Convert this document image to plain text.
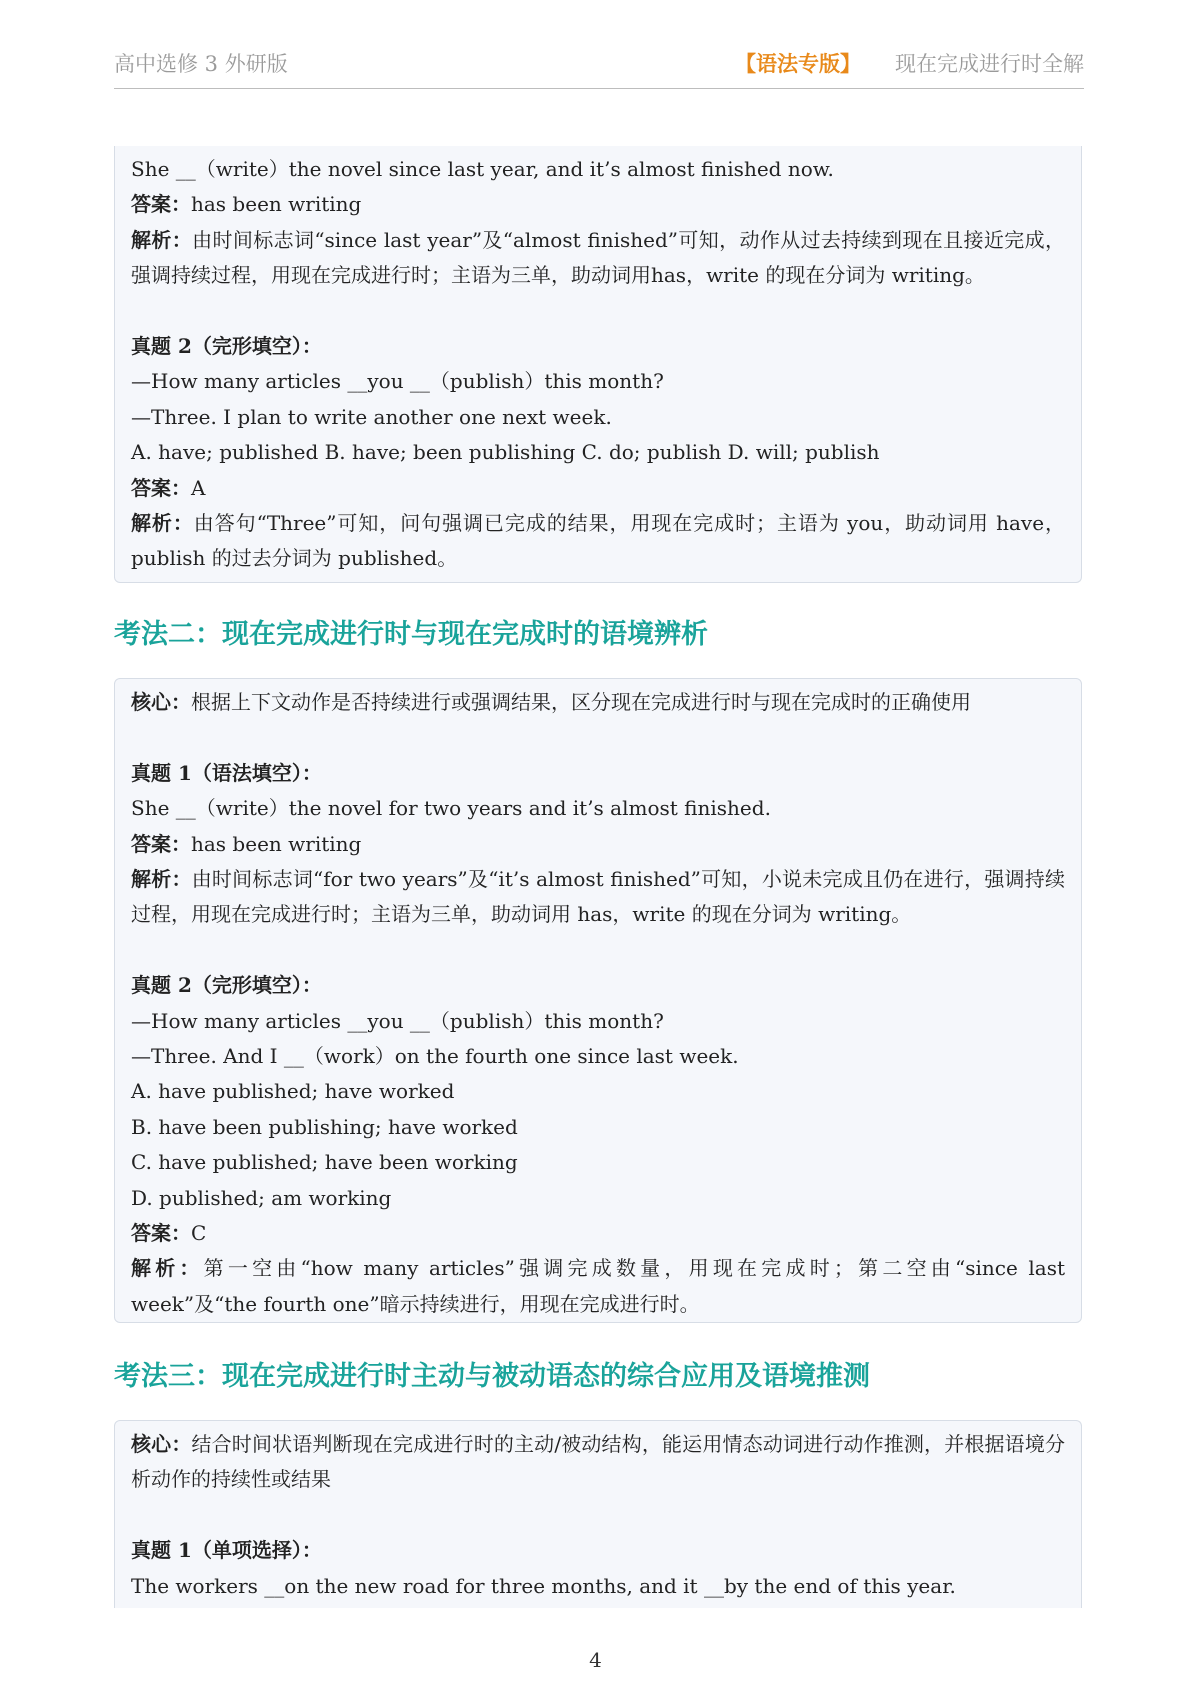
高中选修 3 外研版	【语法专版】 现在完成进行时全解
She __（write）the novel since last year, and it’s almost finished now.
答案：has been writing
解析：由时间标志词“since last year”及“almost finished”可知，动作从过去持续到现在且接近完成，强调持续过程，用现在完成进行时；主语为三单，助动词用has，write 的现在分词为 writing。
真题 2（完形填空）：
—How many articles __you __（publish）this month?
—Three. I plan to write another one next week.
A. have; published B. have; been publishing C. do; publish D. will; publish
答案：A
解析：由答句“Three”可知，问句强调已完成的结果，用现在完成时；主语为 you，助动词用 have，publish 的过去分词为 published。
考法二：现在完成进行时与现在完成时的语境辨析
核心：根据上下文动作是否持续进行或强调结果，区分现在完成进行时与现在完成时的正确使用
真题 1（语法填空）：
She __（write）the novel for two years and it’s almost finished.
答案：has been writing
解析：由时间标志词“for two years”及“it’s almost finished”可知，小说未完成且仍在进行，强调持续过程，用现在完成进行时；主语为三单，助动词用 has，write 的现在分词为 writing。
真题 2（完形填空）：
—How many articles __you __（publish）this month?
—Three. And I __（work）on the fourth one since last week.
A. have published; have worked
B. have been publishing; have worked
C. have published; have been working
D. published; am working
答案：C
解析：第一空由“how many articles”强调完成数量，用现在完成时；第二空由“since last week”及“the fourth one”暗示持续进行，用现在完成进行时。
考法三：现在完成进行时主动与被动语态的综合应用及语境推测
核心：结合时间状语判断现在完成进行时的主动/被动结构，能运用情态动词进行动作推测，并根据语境分析动作的持续性或结果
真题 1（单项选择）：
The workers __on the new road for three months, and it __by the end of this year.
4
